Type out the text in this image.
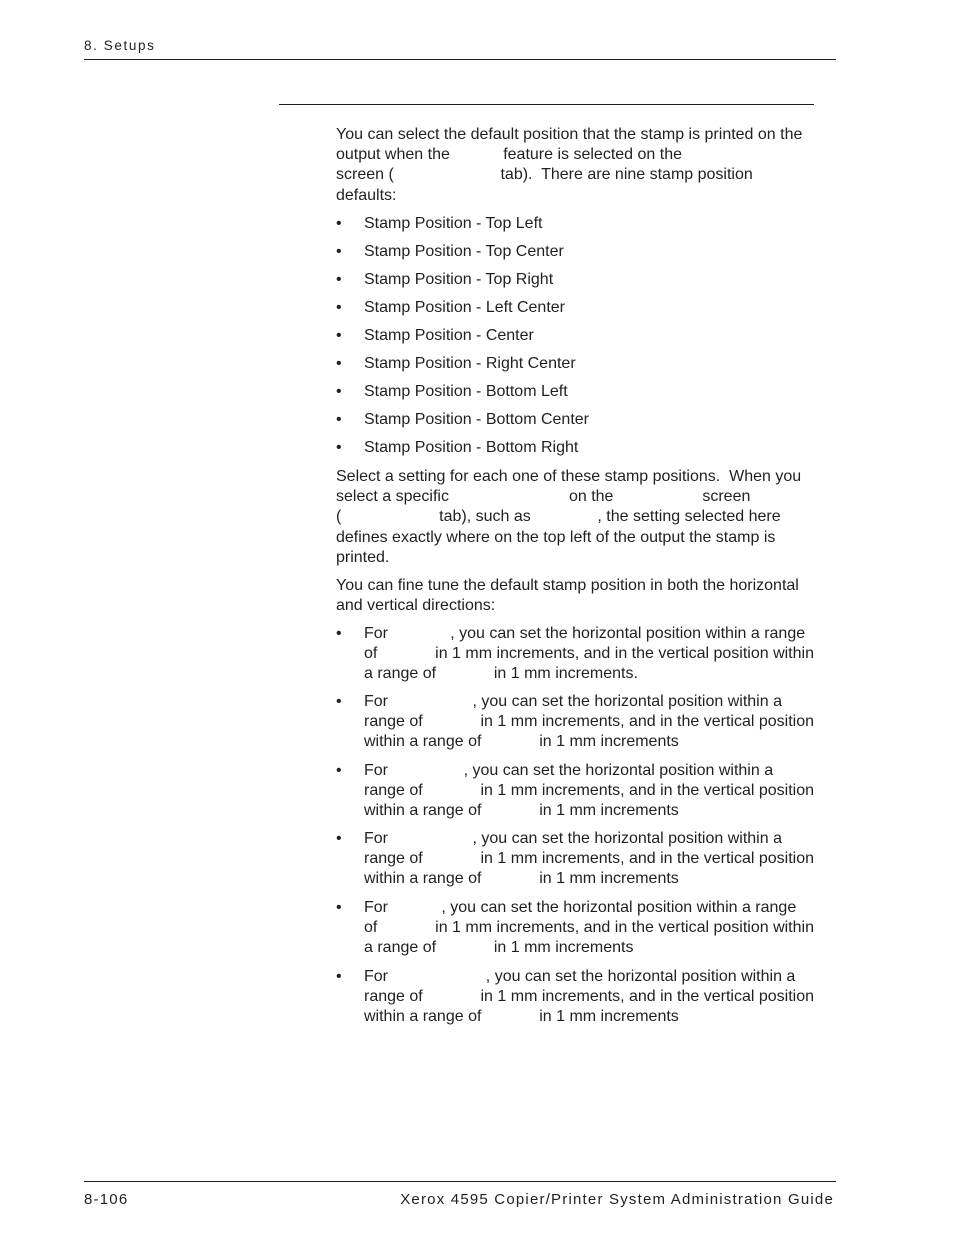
8. Setups
You can select the default position that the stamp is printed on the
output when the            feature is selected on the
screen (                        tab).  There are nine stamp position
defaults:
• Stamp Position - Top Left
• Stamp Position - Top Center
• Stamp Position - Top Right
• Stamp Position - Left Center
• Stamp Position - Center
• Stamp Position - Right Center
• Stamp Position - Bottom Left
• Stamp Position - Bottom Center
• Stamp Position - Bottom Right
Select a setting for each one of these stamp positions.  When you
select a specific                           on the                    screen
(                      tab), such as               , the setting selected here
defines exactly where on the top left of the output the stamp is
printed.
You can fine tune the default stamp position in both the horizontal
and vertical directions:
• For              , you can set the horizontal position within a range
of             in 1 mm increments, and in the vertical position within
a range of             in 1 mm increments.
• For                   , you can set the horizontal position within a
range of             in 1 mm increments, and in the vertical position
within a range of             in 1 mm increments
• For                 , you can set the horizontal position within a
range of             in 1 mm increments, and in the vertical position
within a range of             in 1 mm increments
• For                   , you can set the horizontal position within a
range of             in 1 mm increments, and in the vertical position
within a range of             in 1 mm increments
• For            , you can set the horizontal position within a range
of             in 1 mm increments, and in the vertical position within
a range of             in 1 mm increments
• For                      , you can set the horizontal position within a
range of             in 1 mm increments, and in the vertical position
within a range of             in 1 mm increments
8-106	Xerox 4595 Copier/Printer System Administration Guide
